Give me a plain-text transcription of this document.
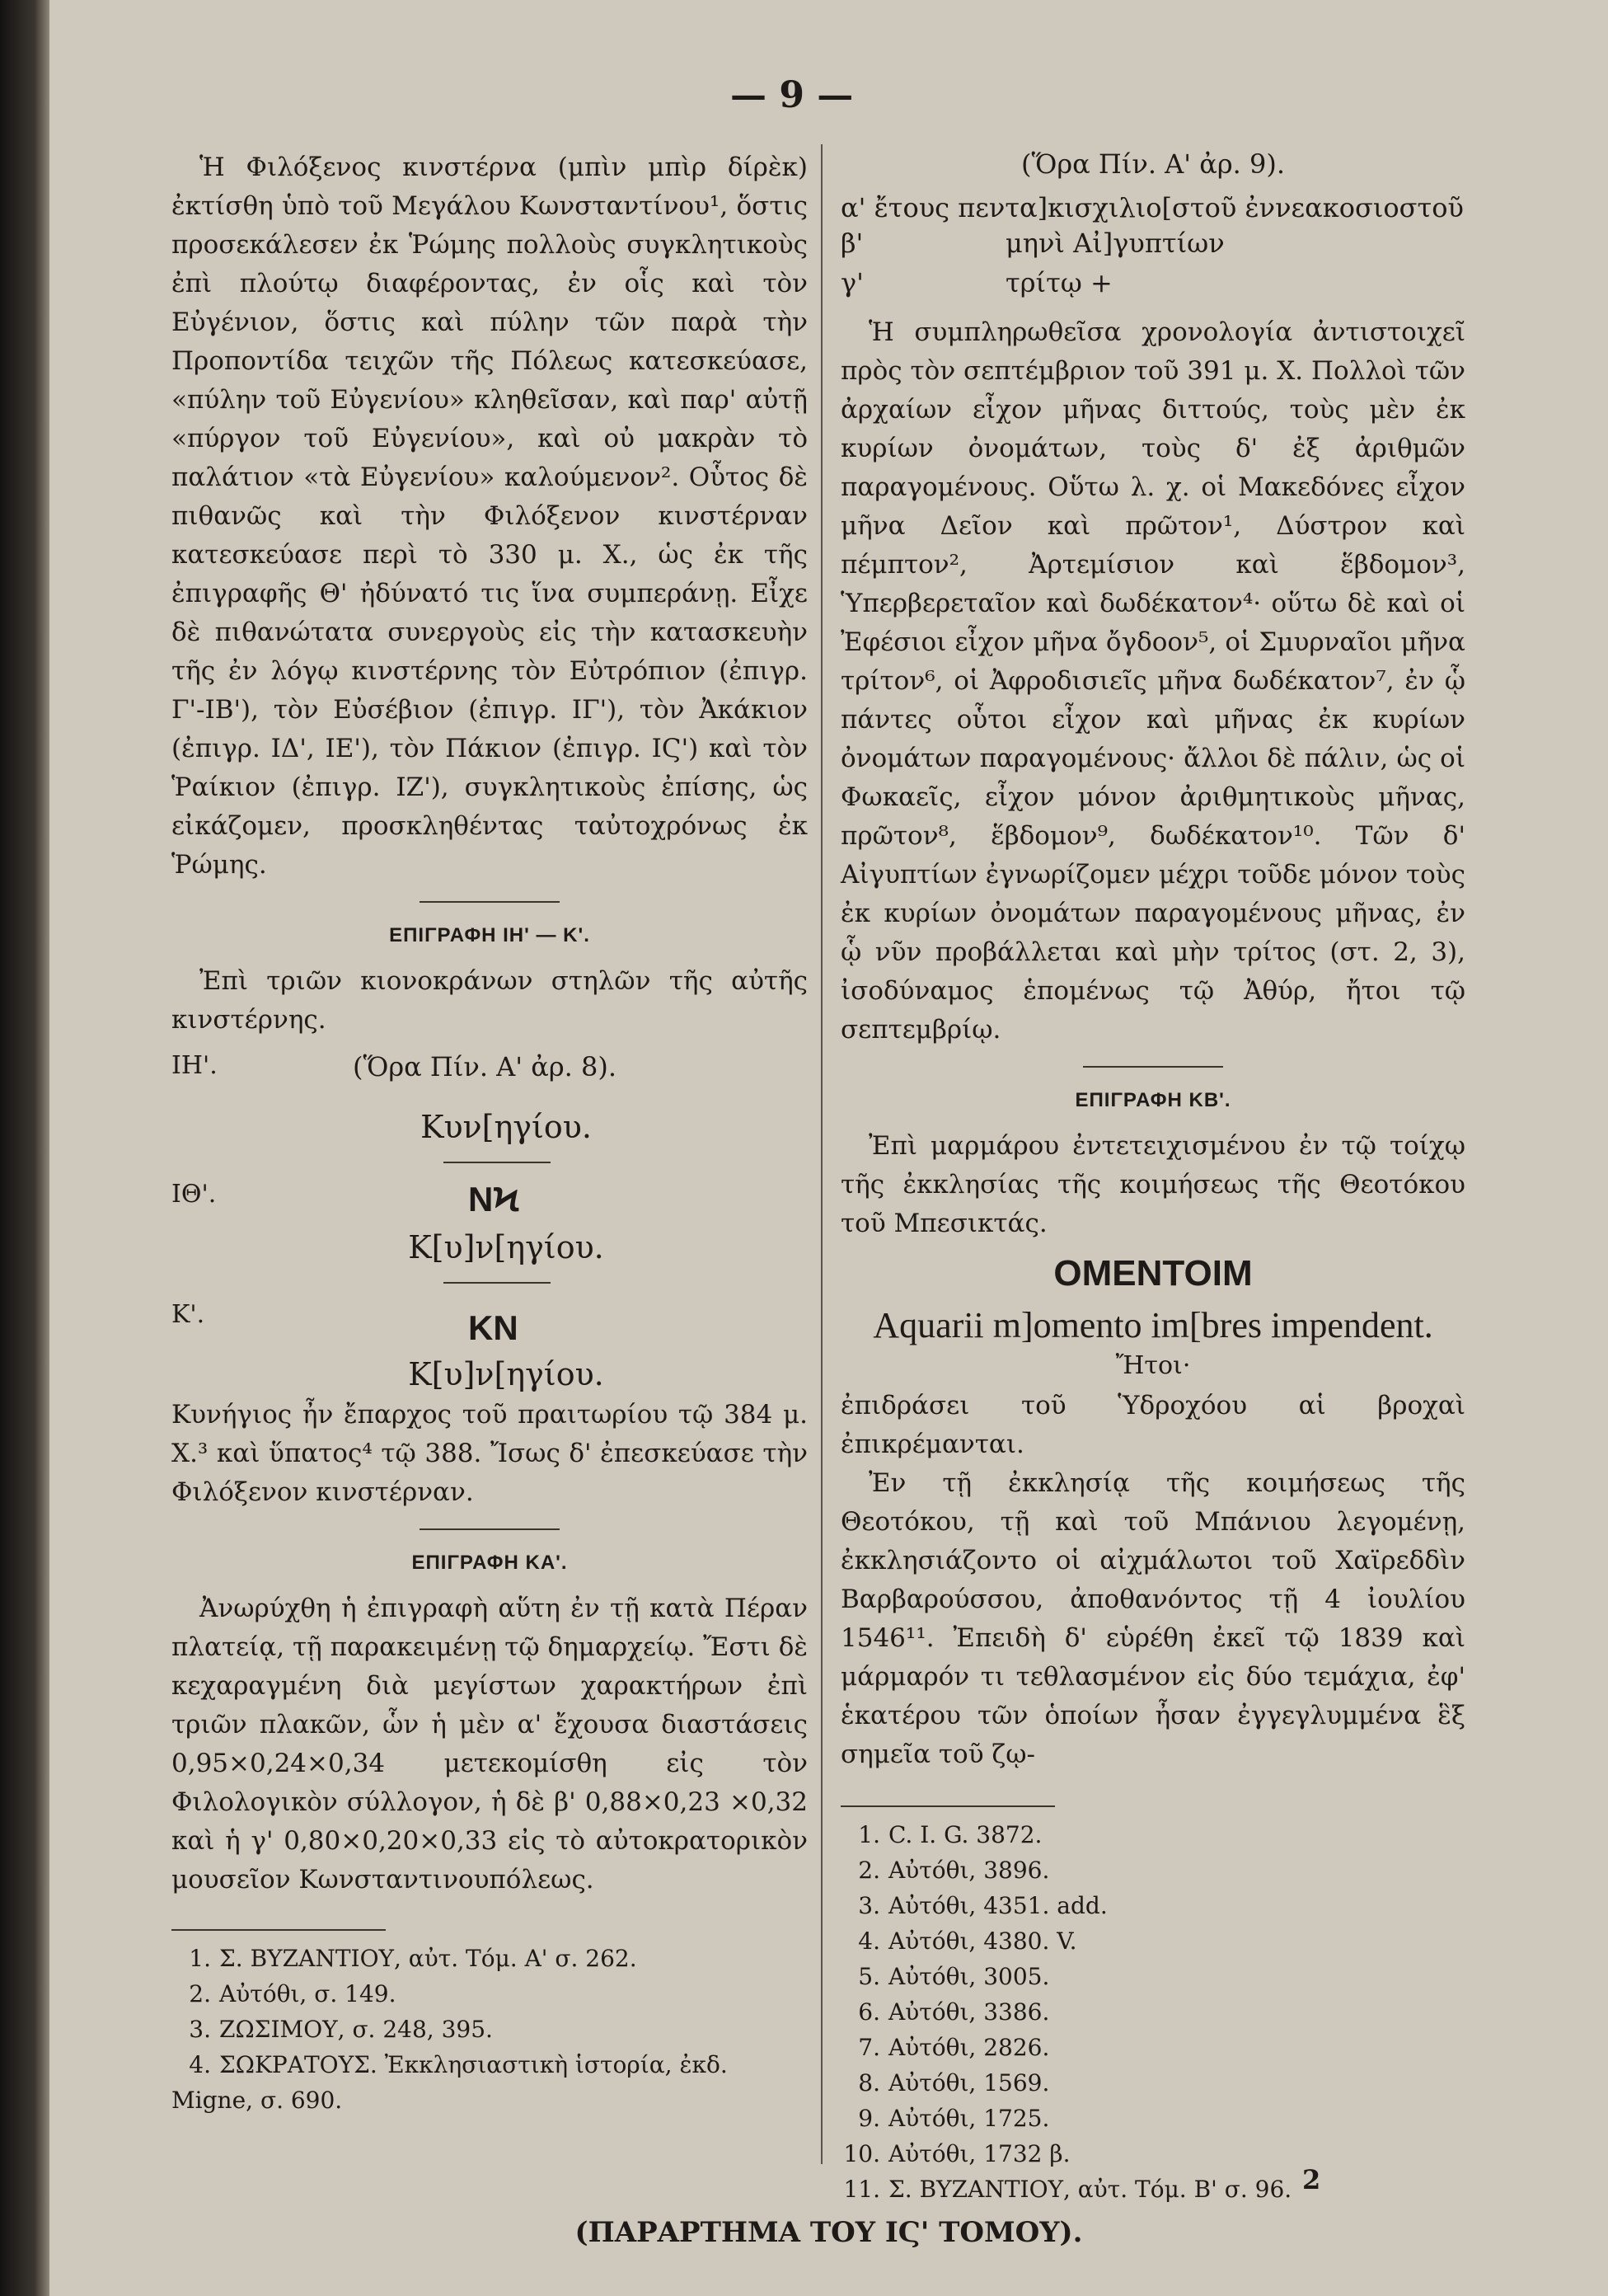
— 9 —

Ἡ Φιλόξενος κινστέρνα (μπὶν μπὶρ δίρὲκ) ἐκτίσθη ὑπὸ τοῦ Μεγάλου Κωνσταντίνου¹, ὅστις προσεκάλεσεν ἐκ Ῥώμης πολλοὺς συγκλητικοὺς ἐπὶ πλούτῳ διαφέροντας, ἐν οἷς καὶ τὸν Εὐγένιον, ὅστις καὶ πύλην τῶν παρὰ τὴν Προποντίδα τειχῶν τῆς Πόλεως κατεσκεύασε, «πύλην τοῦ Εὐγενίου» κληθεῖσαν, καὶ παρ' αὐτῇ «πύργον τοῦ Εὐγενίου», καὶ οὐ μακρὰν τὸ παλάτιον «τὰ Εὐγενίου» καλούμενον². Οὗτος δὲ πιθανῶς καὶ τὴν Φιλόξενον κινστέρναν κατεσκεύασε περὶ τὸ 330 μ. Χ., ὡς ἐκ τῆς ἐπιγραφῆς Θ' ἠδύνατό τις ἵνα συμπεράνῃ. Εἶχε δὲ πιθανώτατα συνεργοὺς εἰς τὴν κατασκευὴν τῆς ἐν λόγῳ κινστέρνης τὸν Εὐτρόπιον (ἐπιγρ. Γ'-ΙΒ'), τὸν Εὐσέβιον (ἐπιγρ. ΙΓ'), τὸν Ἀκάκιον (ἐπιγρ. ΙΔ', ΙΕ'), τὸν Πάκιον (ἐπιγρ. ΙϚ') καὶ τὸν Ῥαίκιον (ἐπιγρ. ΙΖ'), συγκλητικοὺς ἐπίσης, ὡς εἰκάζομεν, προσκληθέντας ταὐτοχρόνως ἐκ Ῥώμης.

ΕΠΙΓΡΑΦΗ ΙΗ' — Κ'.

Ἐπὶ τριῶν κιονοκράνων στηλῶν τῆς αὐτῆς κινστέρνης.

ΙΗ'.	(Ὅρα Πίν. Α' ἀρ. 8).
Κυν[ηγίου.
ΙΘ'.	ΝϞ
Κ[υ]ν[ηγίου.
Κ'.	ΚΝ
Κ[υ]ν[ηγίου.

Κυνήγιος ἦν ἔπαρχος τοῦ πραιτωρίου τῷ 384 μ. Χ.³ καὶ ὕπατος⁴ τῷ 388. Ἴσως δ' ἐπεσκεύασε τὴν Φιλόξενον κινστέρναν.

ΕΠΙΓΡΑΦΗ ΚΑ'.

Ἀνωρύχθη ἡ ἐπιγραφὴ αὕτη ἐν τῇ κατὰ Πέραν πλατείᾳ, τῇ παρακειμένῃ τῷ δημαρχείῳ. Ἔστι δὲ κεχαραγμένη διὰ μεγίστων χαρακτήρων ἐπὶ τριῶν πλακῶν, ὧν ἡ μὲν α' ἔχουσα διαστάσεις 0,95×0,24×0,34 μετεκομίσθη εἰς τὸν Φιλολογικὸν σύλλογον, ἡ δὲ β' 0,88×0,23 ×0,32 καὶ ἡ γ' 0,80×0,20×0,33 εἰς τὸ αὐτοκρατορικὸν μουσεῖον Κωνσταντινουπόλεως.

1. Σ. ΒΥΖΑΝΤΙΟΥ, αὐτ. Τόμ. Α' σ. 262.
2. Αὐτόθι, σ. 149.
3. ΖΩΣΙΜΟΥ, σ. 248, 395.
4. ΣΩΚΡΑΤΟΥΣ. Ἐκκλησιαστικὴ ἱστορία, ἐκδ. Migne, σ. 690.
(Ὅρα Πίν. Α' ἀρ. 9).
α' ἔτους πεντα]κισχιλιο[στοῦ ἐννεακοσιοστοῦ
β'	μηνὶ Αἰ]γυπτίων
γ'	τρίτῳ +

Ἡ συμπληρωθεῖσα χρονολογία ἀντιστοιχεῖ πρὸς τὸν σεπτέμβριον τοῦ 391 μ. Χ. Πολλοὶ τῶν ἀρχαίων εἶχον μῆνας διττούς, τοὺς μὲν ἐκ κυρίων ὀνομάτων, τοὺς δ' ἐξ ἀριθμῶν παραγομένους. Οὕτω λ. χ. οἱ Μακεδόνες εἶχον μῆνα Δεῖον καὶ πρῶτον¹, Δύστρον καὶ πέμπτον², Ἀρτεμίσιον καὶ ἕβδομον³, Ὑπερβερεταῖον καὶ δωδέκατον⁴· οὕτω δὲ καὶ οἱ Ἐφέσιοι εἶχον μῆνα ὄγδοον⁵, οἱ Σμυρναῖοι μῆνα τρίτον⁶, οἱ Ἀφροδισιεῖς μῆνα δωδέκατον⁷, ἐν ᾧ πάντες οὗτοι εἶχον καὶ μῆνας ἐκ κυρίων ὀνομάτων παραγομένους· ἄλλοι δὲ πάλιν, ὡς οἱ Φωκαεῖς, εἶχον μόνον ἀριθμητικοὺς μῆνας, πρῶτον⁸, ἕβδομον⁹, δωδέκατον¹⁰. Τῶν δ' Αἰγυπτίων ἐγνωρίζομεν μέχρι τοῦδε μόνον τοὺς ἐκ κυρίων ὀνομάτων παραγομένους μῆνας, ἐν ᾧ νῦν προβάλλεται καὶ μὴν τρίτος (στ. 2, 3), ἰσοδύναμος ἑπομένως τῷ Ἀθύρ, ἤτοι τῷ σεπτεμβρίῳ.

ΕΠΙΓΡΑΦΗ ΚΒ'.

Ἐπὶ μαρμάρου ἐντετειχισμένου ἐν τῷ τοίχῳ τῆς ἐκκλησίας τῆς κοιμήσεως τῆς Θεοτόκου τοῦ Μπεσικτάς.

OMENTOIM
Aquarii m]omento im[bres impendent.
Ἤτοι·

ἐπιδράσει τοῦ Ὑδροχόου αἱ βροχαὶ ἐπικρέμανται.

Ἐν τῇ ἐκκλησίᾳ τῆς κοιμήσεως τῆς Θεοτόκου, τῇ καὶ τοῦ Μπάνιου λεγομένῃ, ἐκκλησιάζοντο οἱ αἰχμάλωτοι τοῦ Χαϊρεδδὶν Βαρβαρούσσου, ἀποθανόντος τῇ 4 ἰουλίου 1546¹¹. Ἐπειδὴ δ' εὑρέθη ἐκεῖ τῷ 1839 καὶ μάρμαρόν τι τεθλασμένον εἰς δύο τεμάχια, ἐφ' ἑκατέρου τῶν ὁποίων ἦσαν ἐγγεγλυμμένα ἓξ σημεῖα τοῦ ζῳ-

1. C. I. G. 3872.
2. Αὐτόθι, 3896.
3. Αὐτόθι, 4351. add.
4. Αὐτόθι, 4380. V.
5. Αὐτόθι, 3005.
6. Αὐτόθι, 3386.
7. Αὐτόθι, 2826.
8. Αὐτόθι, 1569.
9. Αὐτόθι, 1725.
10. Αὐτόθι, 1732 β.
11. Σ. ΒΥΖΑΝΤΙΟΥ, αὐτ. Τόμ. Β' σ. 96. 2
(ΠΑΡΑΡΤΗΜΑ ΤΟΥ ΙϚ' ΤΟΜΟΥ).
